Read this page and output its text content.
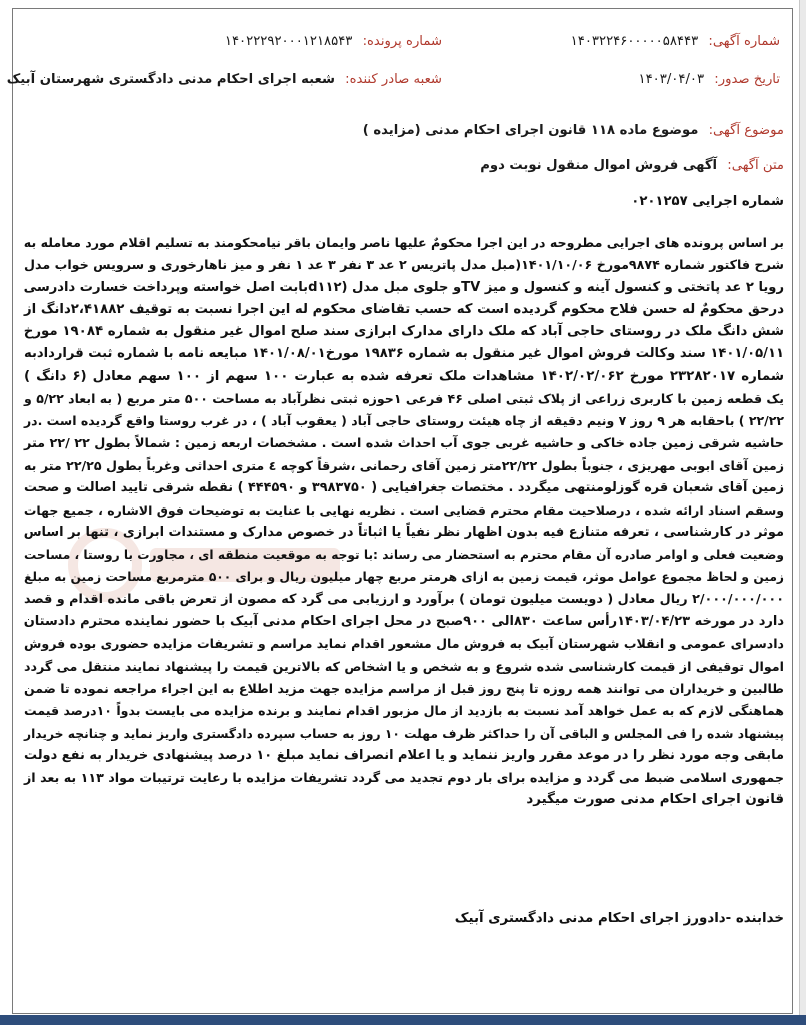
شماره آگهی: ۱۴۰۳۲۲۴۶۰۰۰۰۰۵۸۴۴۳
شماره پرونده: ۱۴۰۲۲۲۹۲۰۰۰۱۲۱۸۵۴۳
تاریخ صدور: ۱۴۰۳/۰۴/۰۳
شعبه صادر کننده: شعبه اجرای احکام مدنی دادگستری شهرستان آبیک
موضوع آگهی: موضوع ماده ۱۱۸ قانون اجرای احکام مدنی (مزایده )
متن آگهی: آگهی فروش اموال منقول نوبت دوم
شماره اجرایی ۰۲۰۱۲۵۷
بر اساس پرونده های اجرایی مطروحه در این اجرا محکومٌ علیها ناصر وایمان باقر نیامحکومند به تسلیم اقلام مورد معامله به
شرح فاکتور شماره ۹۸۷۴مورخ ۱۴۰۱/۱۰/۰۶(مبل مدل پاتریس ۲ عد ۳ نفر ۳ عد ۱ نفر و میز ناهارخوری و سرویس خواب مدل
رویا ۲ عد پاتختی و کنسول آینه و کنسول و میز TVو جلوی مبل مدل (d۱۱۲بابت اصل خواسته وپرداخت خسارت دادرسی
درحق محکومٌ له حسن فلاح محکوم گردیده است که حسب تقاضای محکوم له این اجرا نسبت به توقیف ۲،۴۱۸۸۲دانگ از
شش دانگ ملک در روستای حاجی آباد که ملک دارای مدارک ابرازی سند صلح اموال غیر منقول به شماره ۱۹۰۸۴ مورخ
۱۴۰۱/۰۵/۱۱ سند وکالت فروش اموال غیر منقول به شماره ۱۹۸۳۶ مورخ۱۴۰۱/۰۸/۰۱ مبایعه نامه با شماره ثبت قراردادبه
شماره ۲۳۲۸۲۰۱۷ مورخ ۱۴۰۲/۰۲/۰۶۲ مشاهدات ملک تعرفه شده به عبارت ۱۰۰ سهم از ۱۰۰ سهم معادل (۶ دانگ )
یک قطعه زمین با کاربری زراعی از پلاک ثبتی اصلی ۴۶ فرعی ۱حوزه ثبتی نظرآباد به مساحت ۵۰۰ متر مربع ( به ابعاد ۵/۲۲ و
۲۲/۲۲ ) باحقابه هر ۹ روز ۷ ونیم دقیقه از چاه هیئت روستای حاجی آباد ( یعقوب آباد ) ، در غرب روستا واقع گردیده است .در
حاشیه شرقی زمین جاده خاکی و حاشیه غربی جوی آب احداث شده است . مشخصات اربعه زمین : شمالاً بطول ۲۲ /۲۲ متر
زمین آقای ابوبی مهریزی ، جنوباً بطول ۲۲/۲۲متر زمین آقای رحمانی ،شرقاً کوچه ٤ متری احداثی وغرباً بطول ۲۲/۲۵ متر به
زمین آقای شعبان قره گوزلومنتهی میگردد . مختصات جغرافیایی ( ۳۹۸۳۷۵۰ و ۴۴۴۵۹۰ ) نقطه شرقی تایید اصالت و صحت
وسقم اسناد ارائه شده ، درصلاحیت مقام محترم قضایی است . نظریه نهایی با عنایت به توضیحات فوق الاشاره ، جمیع جهات
موثر در کارشناسی ، تعرفه متنازع فیه بدون اظهار نظر نفیاً یا اثباتاً در خصوص مدارک و مستندات ابرازی ، تنها بر اساس
وضعیت فعلی و اوامر صادره آن مقام محترم به استحضار می رساند :با توجه به موقعیت منطقه ای ، مجاورت با روستا ، مساحت
زمین و لحاظ مجموع عوامل موثر، قیمت زمین به ازای هرمتر مربع چهار میلیون ریال و برای ۵۰۰ مترمربع مساحت زمین به مبلغ
۲/۰۰۰/۰۰۰/۰۰۰ ریال معادل ( دویست میلیون تومان ) برآورد و ارزیابی می گرد که مصون از تعرض باقی مانده اقدام و قصد
دارد در مورخه ۱۴۰۳/۰۴/۲۳رأس ساعت ۸۳۰الی ۹۰۰صبح در محل اجرای احکام مدنی آبیک با حضور نماینده محترم دادستان
دادسرای عمومی و انقلاب شهرستان آبیک به فروش مال مشعور اقدام نماید مراسم و تشریفات مزایده حضوری بوده فروش
اموال توقیفی از قیمت کارشناسی شده شروع و به شخص و یا اشخاص که بالاترین قیمت را پیشنهاد نمایند منتقل می گردد
طالبین و خریداران می توانند همه روزه تا پنج روز قبل از مراسم مزایده جهت مزید اطلاع به این اجراء مراجعه نموده تا ضمن
هماهنگی لازم که به عمل خواهد آمد نسبت به بازدید از مال مزبور اقدام نمایند و برنده مزایده می بایست بدواً ۱۰درصد قیمت
پیشنهاد شده را فی المجلس و الباقی آن را حداکثر ظرف مهلت ۱۰ روز به حساب سپرده دادگستری واریز نماید و چنانچه خریدار
مابقی وجه مورد نظر را در موعد مقرر واریز ننماید و یا اعلام انصراف نماید مبلغ ۱۰ درصد پیشنهادی خریدار به نفع دولت
جمهوری اسلامی ضبط می گردد و مزایده برای بار دوم تجدید می گردد تشریفات مزایده با رعایت ترتیبات مواد ۱۱۳ به بعد از
قانون اجرای احکام مدنی صورت میگیرد
خدابنده -دادورز اجرای احکام مدنی دادگستری آبیک
